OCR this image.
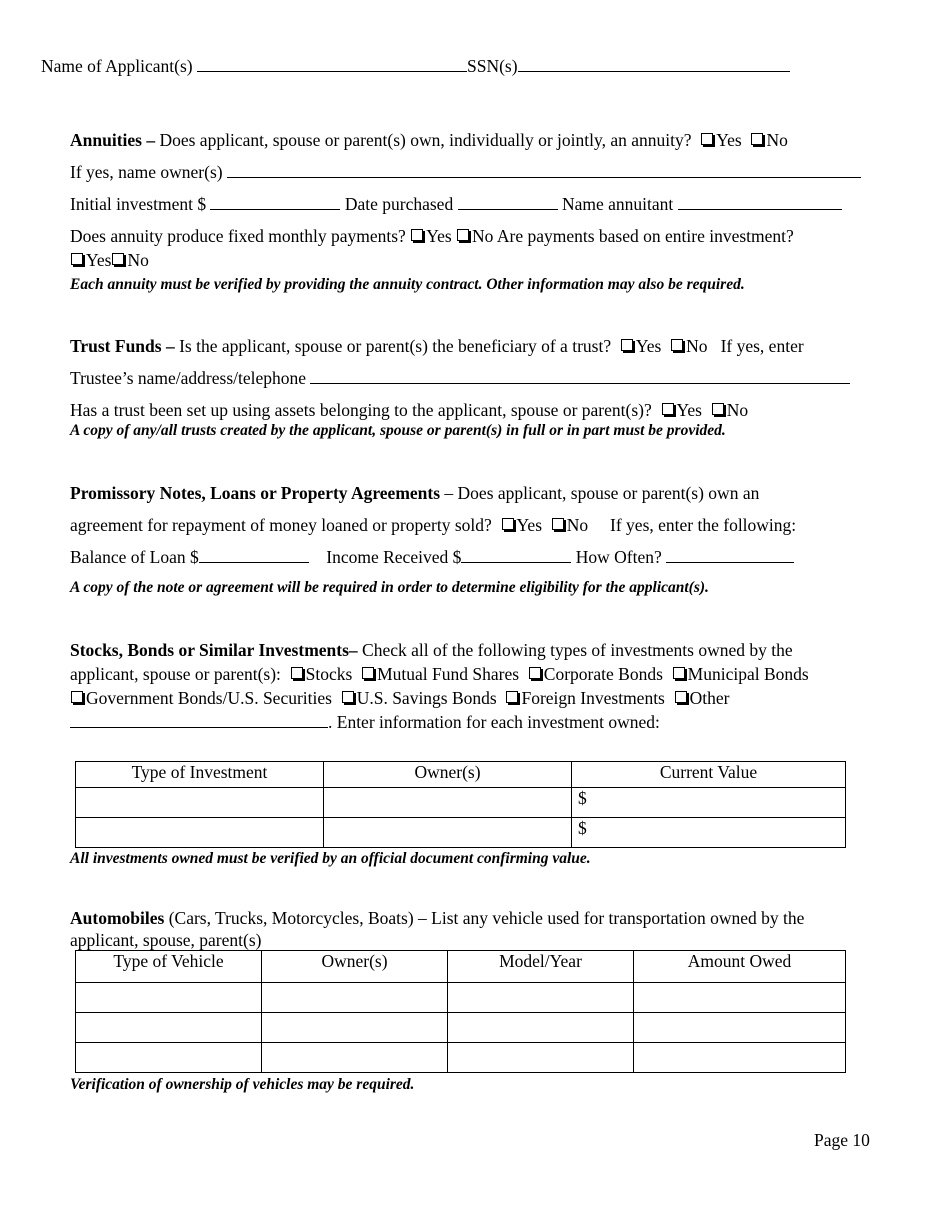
Name of Applicant(s)	SSN(s)
Annuities – Does applicant, spouse or parent(s) own, individually or jointly, an annuity? Yes No
If yes, name owner(s)
Initial investment $	Date purchased	Name annuitant
Does annuity produce fixed monthly payments? Yes No Are payments based on entire investment?
Yes No
Each annuity must be verified by providing the annuity contract. Other information may also be required.
Trust Funds – Is the applicant, spouse or parent(s) the beneficiary of a trust? Yes No If yes, enter
Trustee’s name/address/telephone
Has a trust been set up using assets belonging to the applicant, spouse or parent(s)? Yes No
A copy of any/all trusts created by the applicant, spouse or parent(s) in full or in part must be provided.
Promissory Notes, Loans or Property Agreements – Does applicant, spouse or parent(s) own an
agreement for repayment of money loaned or property sold? Yes No If yes, enter the following:
Balance of Loan $	Income Received $	How Often?
A copy of the note or agreement will be required in order to determine eligibility for the applicant(s).
Stocks, Bonds or Similar Investments– Check all of the following types of investments owned by the
applicant, spouse or parent(s): Stocks Mutual Fund Shares Corporate Bonds Municipal Bonds
Government Bonds/U.S. Securities U.S. Savings Bonds Foreign Investments Other
. Enter information for each investment owned:
Type of Investment	Owner(s)	Current Value
		$
		$
All investments owned must be verified by an official document confirming value.
Automobiles (Cars, Trucks, Motorcycles, Boats) – List any vehicle used for transportation owned by the
applicant, spouse, parent(s)
Type of Vehicle	Owner(s)	Model/Year	Amount Owed

Verification of ownership of vehicles may be required.
Page 10
